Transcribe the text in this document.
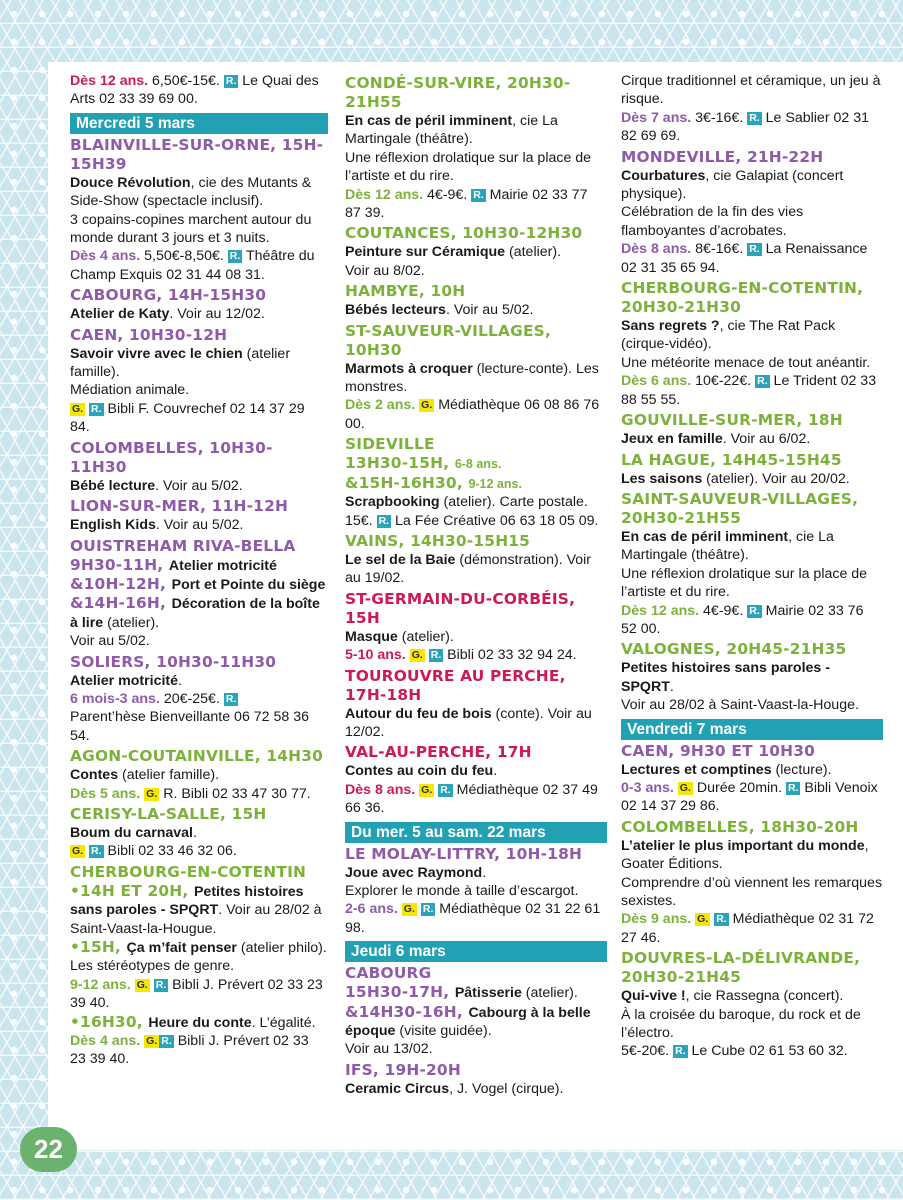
Dès 12 ans. 6,50€-15€. R. Le Quai des Arts 02 33 39 69 00.

Mercredi 5 mars

BLAINVILLE-SUR-ORNE, 15H-15H39

Douce Révolution, cie des Mutants & Side-Show (spectacle inclusif).

3 copains-copines marchent autour du monde durant 3 jours et 3 nuits.

Dès 4 ans. 5,50€-8,50€. R. Théâtre du Champ Exquis 02 31 44 08 31.

CABOURG, 14H-15H30

Atelier de Katy. Voir au 12/02.

CAEN, 10H30-12H

Savoir vivre avec le chien (atelier famille).

Médiation animale.

G. R. Bibli F. Couvrechef 02 14 37 29 84.

COLOMBELLES, 10H30-11H30

Bébé lecture. Voir au 5/02.

LION-SUR-MER, 11H-12H

English Kids. Voir au 5/02.

OUISTREHAM RIVA-BELLA

9H30-11H, Atelier motricité

&10H-12H, Port et Pointe du siège

&14H-16H, Décoration de la boîte à lire (atelier).

Voir au 5/02.

SOLIERS, 10H30-11H30

Atelier motricité.

6 mois-3 ans. 20€-25€. R.

Parent’hèse Bienveillante 06 72 58 36 54.

AGON-COUTAINVILLE, 14H30

Contes (atelier famille).

Dès 5 ans. G. R. Bibli 02 33 47 30 77.

CERISY-LA-SALLE, 15H

Boum du carnaval.

G. R. Bibli 02 33 46 32 06.

CHERBOURG-EN-COTENTIN

•14H ET 20H, Petites histoires sans paroles - SPQRT. Voir au 28/02 à Saint-Vaast-la-Hougue.

•15H, Ça m’fait penser (atelier philo). Les stéréotypes de genre.

9-12 ans. G. R. Bibli J. Prévert 02 33 23 39 40.

•16H30, Heure du conte. L’égalité.

Dès 4 ans. G. R. Bibli J. Prévert 02 33 23 39 40.

CONDÉ-SUR-VIRE, 20H30-21H55

En cas de péril imminent, cie La Martingale (théâtre).

Une réflexion drolatique sur la place de l’artiste et du rire.

Dès 12 ans. 4€-9€. R. Mairie 02 33 77 87 39.

COUTANCES, 10H30-12H30

Peinture sur Céramique (atelier).

Voir au 8/02.

HAMBYE, 10H

Bébés lecteurs. Voir au 5/02.

ST-SAUVEUR-VILLAGES, 10H30

Marmots à croquer (lecture-conte). Les monstres.

Dès 2 ans. G. Médiathèque 06 08 86 76 00.

SIDEVILLE

13H30-15H, 6-8 ans.

&15H-16H30, 9-12 ans.

Scrapbooking (atelier). Carte postale.

15€. R. La Fée Créative 06 63 18 05 09.

VAINS, 14H30-15H15

Le sel de la Baie (démonstration). Voir au 19/02.

ST-GERMAIN-DU-CORBÉIS, 15H

Masque (atelier).

5-10 ans. G. R. Bibli 02 33 32 94 24.

TOUROUVRE AU PERCHE, 17H-18H

Autour du feu de bois (conte). Voir au 12/02.

VAL-AU-PERCHE, 17H

Contes au coin du feu.

Dès 8 ans. G. R. Médiathèque 02 37 49 66 36.

Du mer. 5 au sam. 22 mars

LE MOLAY-LITTRY, 10H-18H

Joue avec Raymond.

Explorer le monde à taille d’escargot.

2-6 ans. G. R. Médiathèque 02 31 22 61 98.

Jeudi 6 mars

CABOURG

15H30-17H, Pâtisserie (atelier).

&14H30-16H, Cabourg à la belle époque (visite guidée).

Voir au 13/02.

IFS, 19H-20H

Ceramic Circus, J. Vogel (cirque).

Cirque traditionnel et céramique, un jeu à risque.

Dès 7 ans. 3€-16€. R. Le Sablier 02 31 82 69 69.

MONDEVILLE, 21H-22H

Courbatures, cie Galapiat (concert physique).

Célébration de la fin des vies flamboyantes d’acrobates.

Dès 8 ans. 8€-16€. R. La Renaissance 02 31 35 65 94.

CHERBOURG-EN-COTENTIN, 20H30-21H30

Sans regrets ?, cie The Rat Pack (cirque-vidéo).

Une météorite menace de tout anéantir.

Dès 6 ans. 10€-22€. R. Le Trident 02 33 88 55 55.

GOUVILLE-SUR-MER, 18H

Jeux en famille. Voir au 6/02.

LA HAGUE, 14H45-15H45

Les saisons (atelier). Voir au 20/02.

SAINT-SAUVEUR-VILLAGES, 20H30-21H55

En cas de péril imminent, cie La Martingale (théâtre).

Une réflexion drolatique sur la place de l’artiste et du rire.

Dès 12 ans. 4€-9€. R. Mairie 02 33 76 52 00.

VALOGNES, 20H45-21H35

Petites histoires sans paroles - SPQRT.

Voir au 28/02 à Saint-Vaast-la-Houge.

Vendredi 7 mars

CAEN, 9H30 ET 10H30

Lectures et comptines (lecture).

0-3 ans. G. Durée 20min. R. Bibli Venoix 02 14 37 29 86.

COLOMBELLES, 18H30-20H

L’atelier le plus important du monde, Goater Éditions.

Comprendre d’où viennent les remarques sexistes.

Dès 9 ans. G. R. Médiathèque 02 31 72 27 46.

DOUVRES-LA-DÉLIVRANDE, 20H30-21H45

Qui-vive !, cie Rassegna (concert).

À la croisée du baroque, du rock et de l’électro.

5€-20€. R. Le Cube 02 61 53 60 32.

22
